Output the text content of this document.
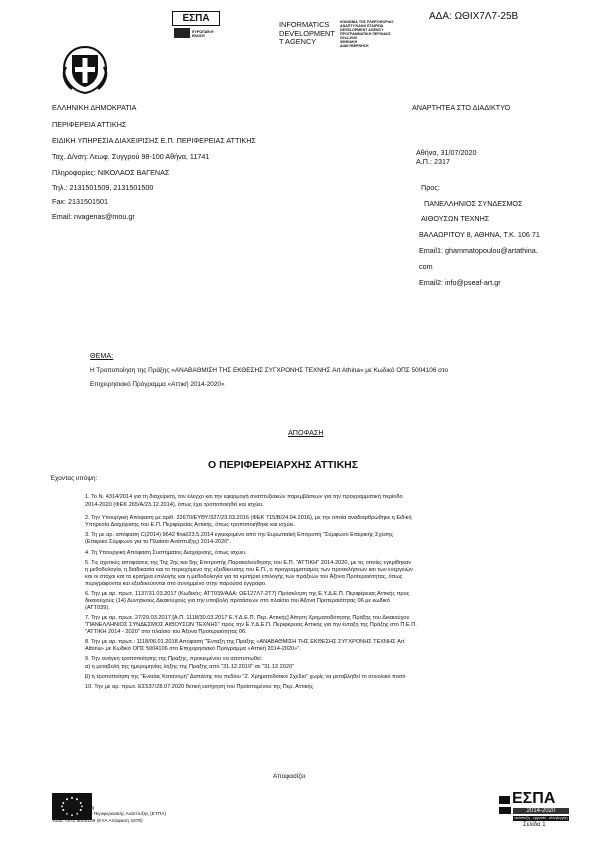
ΑΔΑ: ΩΘΙΧ7Λ7-25Β
ΕΣΠΑ
ΕΥΡΩΠΑΪΚΗ ΕΝΩΣΗ
INFORMATICS
DEVELOPMENT
T AGENCY
ΚΟΙΝΩΝΙΑ ΤΗΣ ΠΛΗΡΟΦΟΡΙΑΣ
ΑΝΑΠΤΥΞΙΑΚΗ ΕΤΑΙΡΕΙΑ
DEVELOPMENT AGENCY
ΠΡΟΓΡΑΜΜΑΤΙΚΗ ΠΕΡΙΟΔΟΣ
2014-2020
ΨΗΦΙΑΚΗ
ΔΙΑΚΥΒΕΡΝΗΣΗ
ΕΛΛΗΝΙΚΗ ΔΗΜΟΚΡΑΤΙΑ
ΠΕΡΙΦΕΡΕΙΑ ΑΤΤΙΚΗΣ
ΕΙΔΙΚΗ ΥΠΗΡΕΣΙΑ ΔΙΑΧΕΙΡΙΣΗΣ Ε.Π. ΠΕΡΙΦΕΡΕΙΑΣ ΑΤΤΙΚΗΣ
Ταχ. Δ/νση: Λεωφ. Συγγρού 98-100 Αθήνα, 11741
Πληροφορίες: ΝΙΚΟΛΑΟΣ ΒΑΓΕΝΑΣ
Τηλ.: 2131501509, 2131501500
Fax: 2131501501
Email: nvagenas@mou.gr
ΑΝΑΡΤΗΤΕΑ ΣΤΟ ΔΙΑΔΙΚΤΥΟ
Αθήνα, 31/07/2020
Α.Π.: 2317
Προς:
ΠΑΝΕΛΛΗΝΙΟΣ ΣΥΝΔΕΣΜΟΣ
ΑΙΘΟΥΣΩΝ ΤΕΧΝΗΣ
ΒΑΛΑΩΡΙΤΟΥ 8, ΑΘΗΝΑ, Τ.Κ. 106 71
Email1: ghammatopoulou@artathina.
com
Email2: info@pseaf-art.gr
ΘΕΜΑ:
Η Τροποποίηση της Πράξης «ΑΝΑΒΑΘΜΙΣΗ ΤΗΣ ΕΚΘΕΣΗΣ ΣΥΓΧΡΟΝΗΣ ΤΕΧΝΗΣ Art Athina» με Κωδικό ΟΠΣ 5004106 στο
Επιχειρησιακό Πρόγραμμα «Αττική 2014-2020»
ΑΠΟΦΑΣΗ
Ο ΠΕΡΙΦΕΡΕΙΑΡΧΗΣ ΑΤΤΙΚΗΣ
Έχοντας υπόψη:
1. Το Ν. 4314/2014 για τη διαχείριση, τον έλεγχο και την εφαρμογή αναπτυξιακών παρεμβάσεων για την προγραμματική περίοδο
2014-2020 (ΦΕΚ 265/Α/23.12.2014), όπως έχει τροποποιηθεί και ισχύει.
2. Την Υπουργική Απόφαση με αριθ. 32670/ΕΥΘΥ/327/23.03.2016 (ΦΕΚ 715/Β/24.04.2016), με την οποία αναδιαρθρώθηκε η Ειδική
Υπηρεσία Διαχείρισης του Ε.Π. Περιφέρειας Αττικής, όπως τροποποιήθηκε και ισχύει.
3. Τη με αρ. απόφαση C(2014) 9642 final/23.5.2014 εγκεκριμένο από την Ευρωπαϊκή Επιτροπή "Σύμφωνο Εταιρικής Σχέσης
(Εταιρικό Σύμφωνο για το Πλαίσιο Ανάπτυξης) 2014-2020".
4. Τη Υπουργική Απόφαση Συστήματος Διαχείρισης, όπως ισχύει.
5. Τις σχετικές αποφάσεις της Της 2ης και 5ης Επιτροπής Παρακολούθησης του Ε.Π. "ΑΤΤΙΚΗ" 2014-2020, με τις οποίες εγκρίθηκαν
η μεθοδολογία, η διαδικασία και το περιεχόμενο της εξειδίκευσης του Ε.Π., ο προγραμματισμός των προσκλήσεων και των ενεργειών
και οι στόχοι και τα κριτήρια επιλογής και η μεθοδολογία για τα κριτήρια επιλογής των πράξεων του Άξονα Προτεραιότητας, όπως
περιγράφονται και εξειδικεύονται στο συνημμένο στην παρούσα έγγραφο.
6. Την με αρ. πρωτ. 1137/31.03.2017 (Κωδικός: ΑΤΤ039/ΑΔΑ: ΩΕ127Λ7-2Τ7) Πρόσκληση της Ε.Υ.Δ.Ε.Π. Περιφέρειας Αττικής προς
δικαιούχους (14) Δυνητικούς Δικαιούχους για την υποβολή προτάσεων στο πλαίσιο του Άξονα Προτεραιότητας 06 με κωδικό
(ΑΤΤ039).
7. Την με αρ. πρωτ. 27/29.03.2017 [Α.Π. 1118/30.03.2017 Ε.Υ.Δ.Ε.Π. Περ. Αττικής] Αίτηση Χρηματοδότησης Πράξης του Δικαιούχου
"ΠΑΝΕΛΛΗΝΙΟΣ ΣΥΝΔΕΣΜΟΣ ΑΙΘΟΥΣΩΝ ΤΕΧΝΗΣ" προς την Ε.Υ.Δ.Ε.Π. Περιφέρειας Αττικής για την ένταξη της Πράξης στο Π.Ε.Π.
"ΑΤΤΙΚΗ 2014 - 2020" στο πλαίσιο του Άξονα Προτεραιότητας 06.
8. Την με αρ. πρωτ.: 1118/06.01.2018 Απόφαση "Ένταξη της Πράξης «ΑΝΑΒΑΘΜΙΣΗ ΤΗΣ ΕΚΘΕΣΗΣ ΣΥΓΧΡΟΝΗΣ ΤΕΧΝΗΣ Art
Athina» με Κωδικό ΟΠΣ 5004106 στο Επιχειρησιακό Πρόγραμμα «Αττική 2014-2020»".
9. Την ανάγκη τροποποίησης της Πράξης, προκειμένου να αποτυπωθεί:
α) η μεταβολή της ημερομηνίας λήξης της Πράξης από "31.12.2019" σε "31.12.2020"
β) η τροποποίηση της "Ενιαίας Κατανομή" Δαπάνης του πεδίου "Ζ. Χρηματοδοτικό Σχέδιο" χωρίς να μεταβληθεί το συνολικό ποσό
10. Την με αρ. πρωτ. ΕΣ537/28.07.2020 θετική εισήγηση του Προϊσταμένου της Περ. Αττικής
Αποφασίζει
Ευρωπαϊκή Ένωση
ΕΣΠΑ
2014-2020
ανάπτυξη - εργασία - αλληλεγγύη
Σελίδα 1
Ευρωπαϊκό Ταμείο Περιφερειακής Ανάπτυξης (ΕΤΠΑ)
Κωδ. ΟΠΣ 5004106 (ΚΥΑ Απόφαση 3379)
